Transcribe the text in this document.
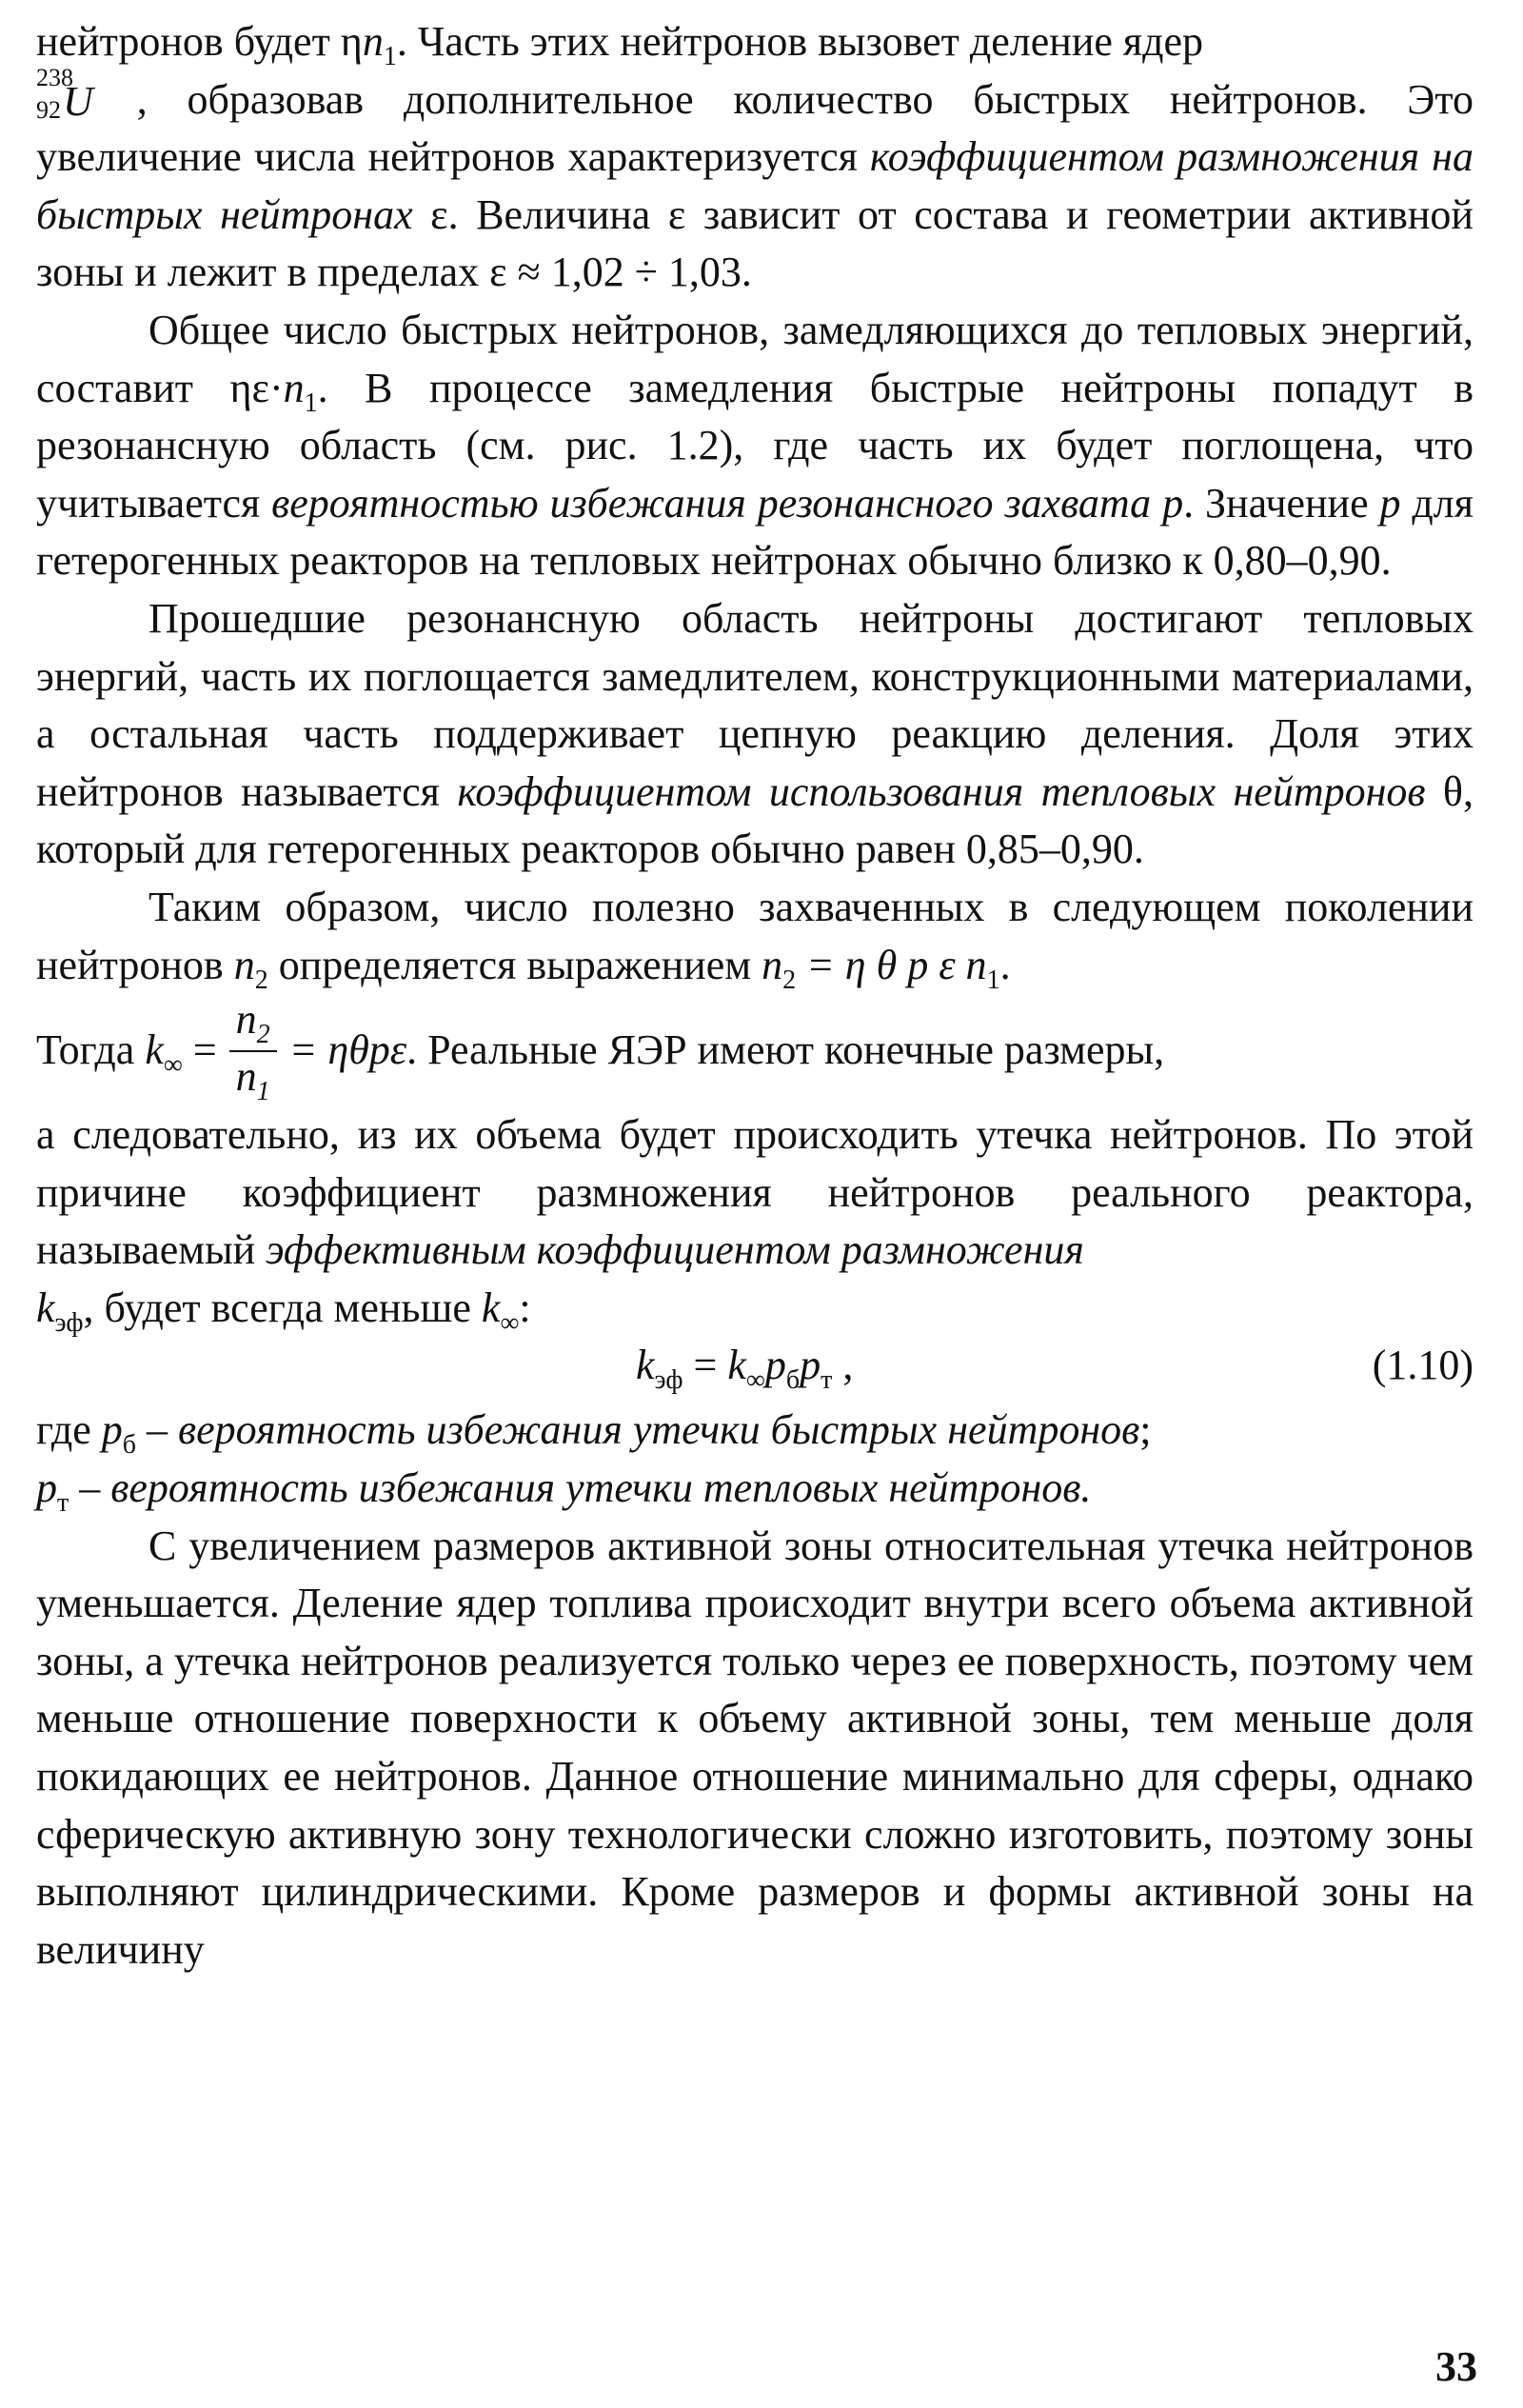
нейтронов будет $\eta n_1$. Часть этих нейтронов вызовет деление ядер

238
92 U , образовав дополнительное количество быстрых нейтронов. Это увеличение числа нейтронов характеризуется коэффициентом размножения на быстрых нейтронах ε. Величина ε зависит от состава и геометрии активной зоны и лежит в пределах ε ≈ 1,02 ÷ 1,03.

Общее число быстрых нейтронов, замедляющихся до тепловых энергий, составит $\eta\varepsilon\cdot n_1$. В процессе замедления быстрые нейтроны попадут в резонансную область (см. рис. 1.2), где часть их будет поглощена, что учитывается вероятностью избежания резонансного захвата p. Значение p для гетерогенных реакторов на тепловых нейтронах обычно близко к 0,80–0,90.

Прошедшие резонансную область нейтроны достигают тепловых энергий, часть их поглощается замедлителем, конструкционными материалами, а остальная часть поддерживает цепную реакцию деления. Доля этих нейтронов называется коэффициентом использования тепловых нейтронов θ, который для гетерогенных реакторов обычно равен 0,85–0,90.

Таким образом, число полезно захваченных в следующем поколении нейтронов $n_2$ определяется выражением $n_2 = \eta$ θ p ε $n_1$.

Тогда $k_\infty = \frac{n_2}{n_1} = \eta\theta p\varepsilon$. Реальные ЯЭР имеют конечные размеры,

а следовательно, из их объема будет происходить утечка нейтронов. По этой причине коэффициент размножения нейтронов реального реактора, называемый эффективным коэффициентом размножения
$k_{эф}$, будет всегда меньше $k_\infty$:

$k_{эф} = k_\infty p_бp_т$ ,	(1.10)

где $p_б$ – вероятность избежания утечки быстрых нейтронов;
$p_т$ – вероятность избежания утечки тепловых нейтронов.

С увеличением размеров активной зоны относительная утечка нейтронов уменьшается. Деление ядер топлива происходит внутри всего объема активной зоны, а утечка нейтронов реализуется только через ее поверхность, поэтому чем меньше отношение поверхности к объему активной зоны, тем меньше доля покидающих ее нейтронов. Данное отношение минимально для сферы, однако сферическую активную зону технологически сложно изготовить, поэтому зоны выполняют цилиндрическими. Кроме размеров и формы активной зоны на величину

33
